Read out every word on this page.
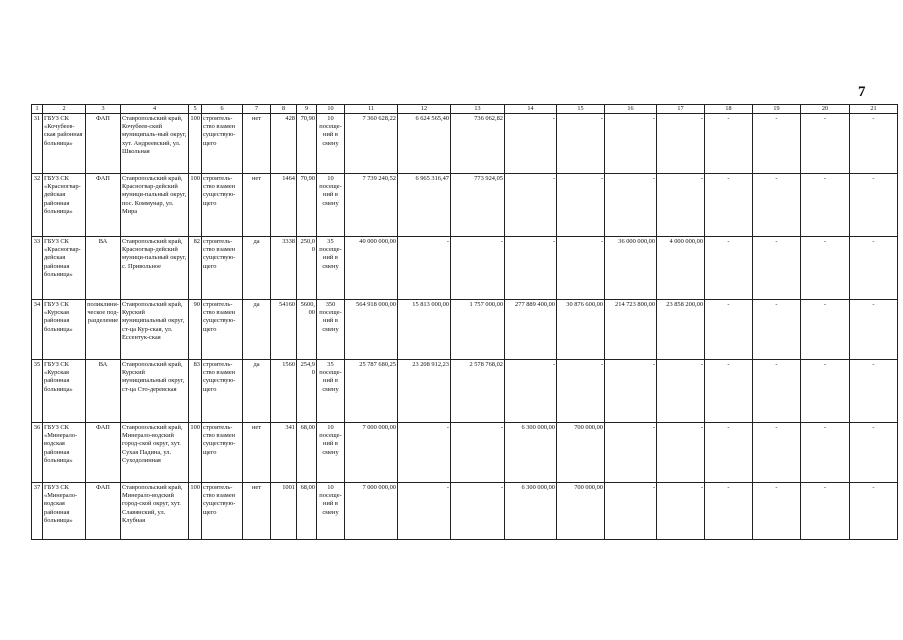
7
1	2	3	4	5	6	7	8	9	10	11	12	13	14	15	16	17	18	19	20	21
31	ГБУЗ СК «Кочубеев-ская районная больница»	ФАП	Ставропольский край, Кочубеев-ский муниципаль-ный округ, хут. Андреевский, ул. Школьная	100	строитель-ство взамен существую-щего	нет	428	70,90	10 посеще-ний в смену	7 360 628,22	6 624 565,40	736 062,82	-	-	-	-	-	-	-	-
32	ГБУЗ СК «Красногвар-дейская районная больница»	ФАП	Ставропольский край, Красногвар-дейский муници-пальный округ, пос. Коммунар, ул. Мира	100	строитель-ство взамен существую-щего	нет	1464	70,90	10 посеще-ний в смену	7 739 240,52	6 965 316,47	773 924,05	-	-	-	-	-	-	-	-
33	ГБУЗ СК «Красногвар-дейская районная больница»	ВА	Ставропольский край, Красногвар-дейский муници-пальный округ, с. Привольное	82	строитель-ство взамен существую-щего	да	3338	250,00	35 посеще-ний в смену	40 000 000,00	-	-	-	-	36 000 000,00	4 000 000,00	-	-	-	-
34	ГБУЗ СК «Курская районная больница»	поликлини-ческое под-разделение	Ставропольский край, Курский муниципальный округ, ст-ца Кур-ская, ул. Ессентук-ская	90	строитель-ство взамен существую-щего	да	54160	5600,00	350 посеще-ний в смену	564 918 000,00	15 813 000,00	1 757 000,00	277 889 400,00	30 876 600,00	214 723 800,00	23 858 200,00	-	-	-	-
35	ГБУЗ СК «Курская районная больница»	ВА	Ставропольский край, Курский муниципальный округ, ст-ца Сто-деревская	83	строитель-ство взамен существую-щего	да	1560	254,90	35 посеще-ний в смену	25 787 680,25	23 208 912,23	2 578 768,02	-	-	-	-	-	-	-	-
36	ГБУЗ СК «Минерало-водская районная больница»	ФАП	Ставропольский край, Минерало-водский город-ской округ, хут. Сухая Падина, ул. Суходолинная	100	строитель-ство взамен существую-щего	нет	341	68,00	10 посеще-ний в смену	7 000 000,00	-	-	6 300 000,00	700 000,00	-	-	-	-	-	-
37	ГБУЗ СК «Минерало-водская районная больница»	ФАП	Ставропольский край, Минерало-водский город-ской округ, хут. Славянский, ул. Клубная	100	строитель-ство взамен существую-щего	нет	1001	68,00	10 посеще-ний в смену	7 000 000,00	-	-	6 300 000,00	700 000,00	-	-	-	-	-	-
